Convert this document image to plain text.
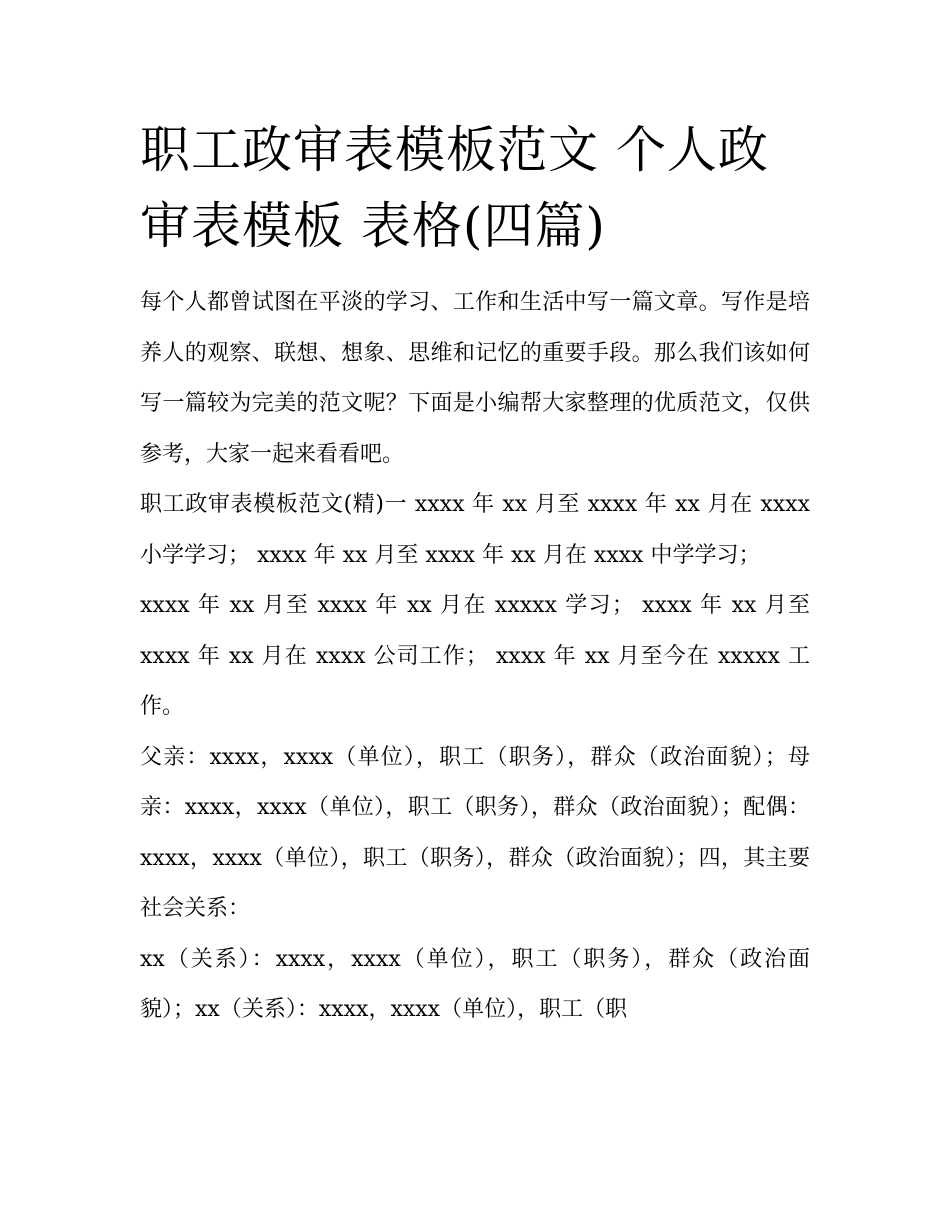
职工政审表模板范文 个人政审表模板 表格(四篇)

每个人都曾试图在平淡的学习、工作和生活中写一篇文章。写作是培养人的观察、联想、想象、思维和记忆的重要手段。那么我们该如何写一篇较为完美的范文呢？下面是小编帮大家整理的优质范文，仅供参考，大家一起来看看吧。

职工政审表模板范文(精)一 xxxx 年 xx 月至 xxxx 年 xx 月在 xxxx 小学学习； xxxx 年 xx 月至 xxxx 年 xx 月在 xxxx 中学学习；

xxxx 年 xx 月至 xxxx 年 xx 月在 xxxxx 学习； xxxx 年 xx 月至 xxxx 年 xx 月在 xxxx 公司工作； xxxx 年 xx 月至今在 xxxxx 工作。

父亲：xxxx，xxxx（单位），职工（职务），群众（政治面貌）；母亲：xxxx，xxxx（单位），职工（职务），群众（政治面貌）；配偶：xxxx，xxxx（单位），职工（职务），群众（政治面貌）；四，其主要社会关系：

xx（关系）：xxxx，xxxx（单位），职工（职务），群众（政治面貌）；xx（关系）：xxxx，xxxx（单位），职工（职
